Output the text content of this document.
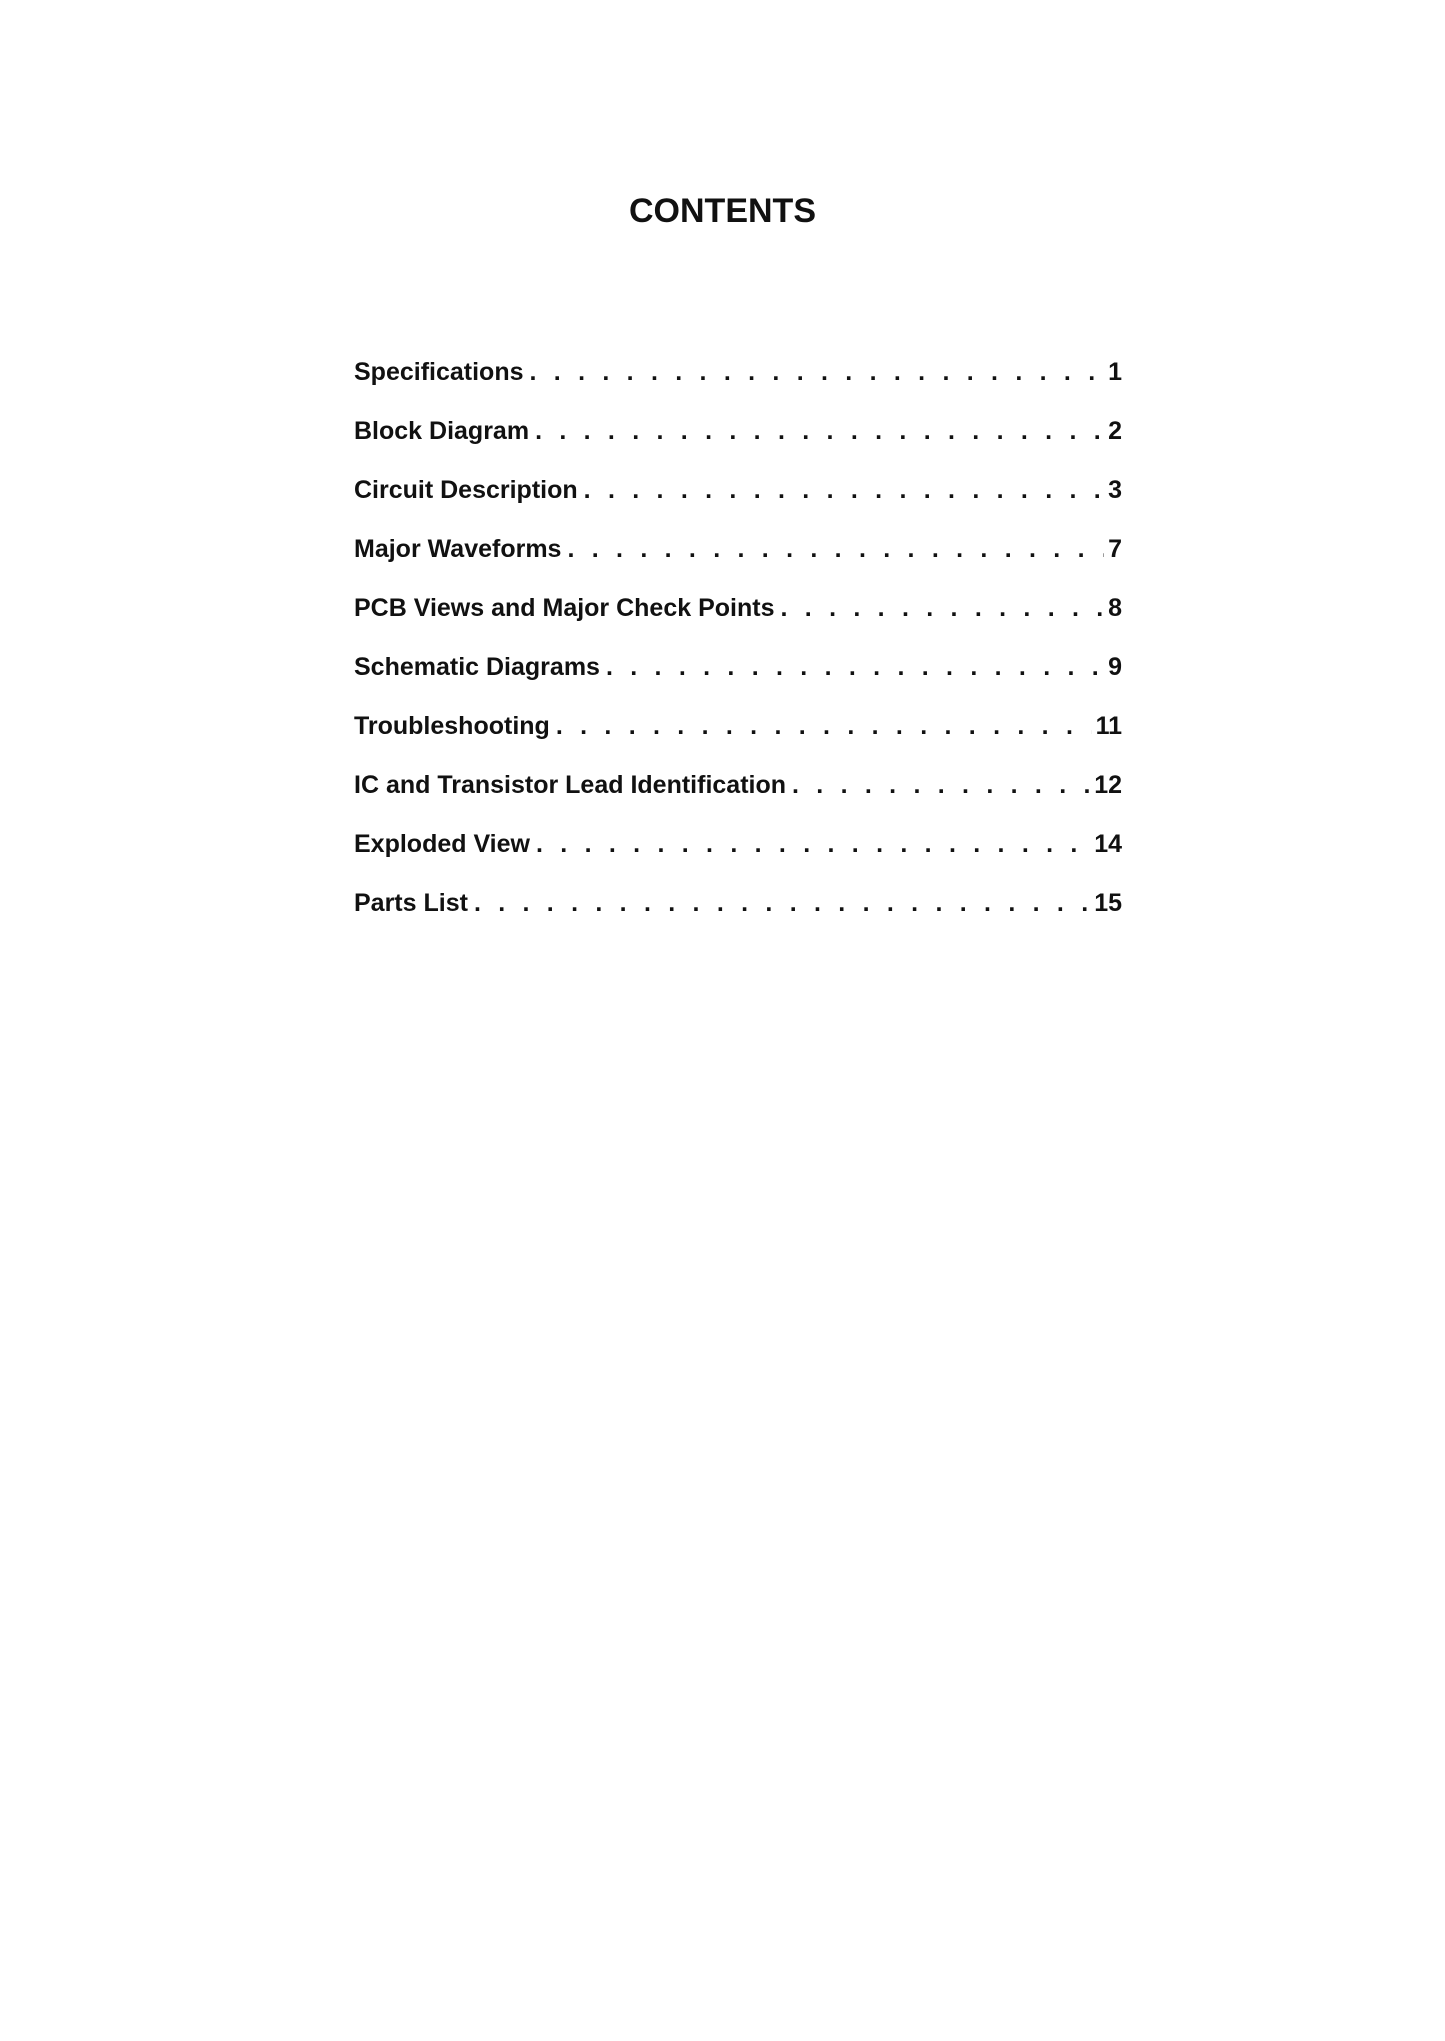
CONTENTS
Specifications . . .	1
Block Diagram . . .	2
Circuit Description . . .	3
Major Waveforms . . .	7
PCB Views and Major Check Points . . .	8
Schematic Diagrams . . .	9
Troubleshooting . . .	11
IC and Transistor Lead Identification . . .	12
Exploded View . . .	14
Parts List . . .	15
